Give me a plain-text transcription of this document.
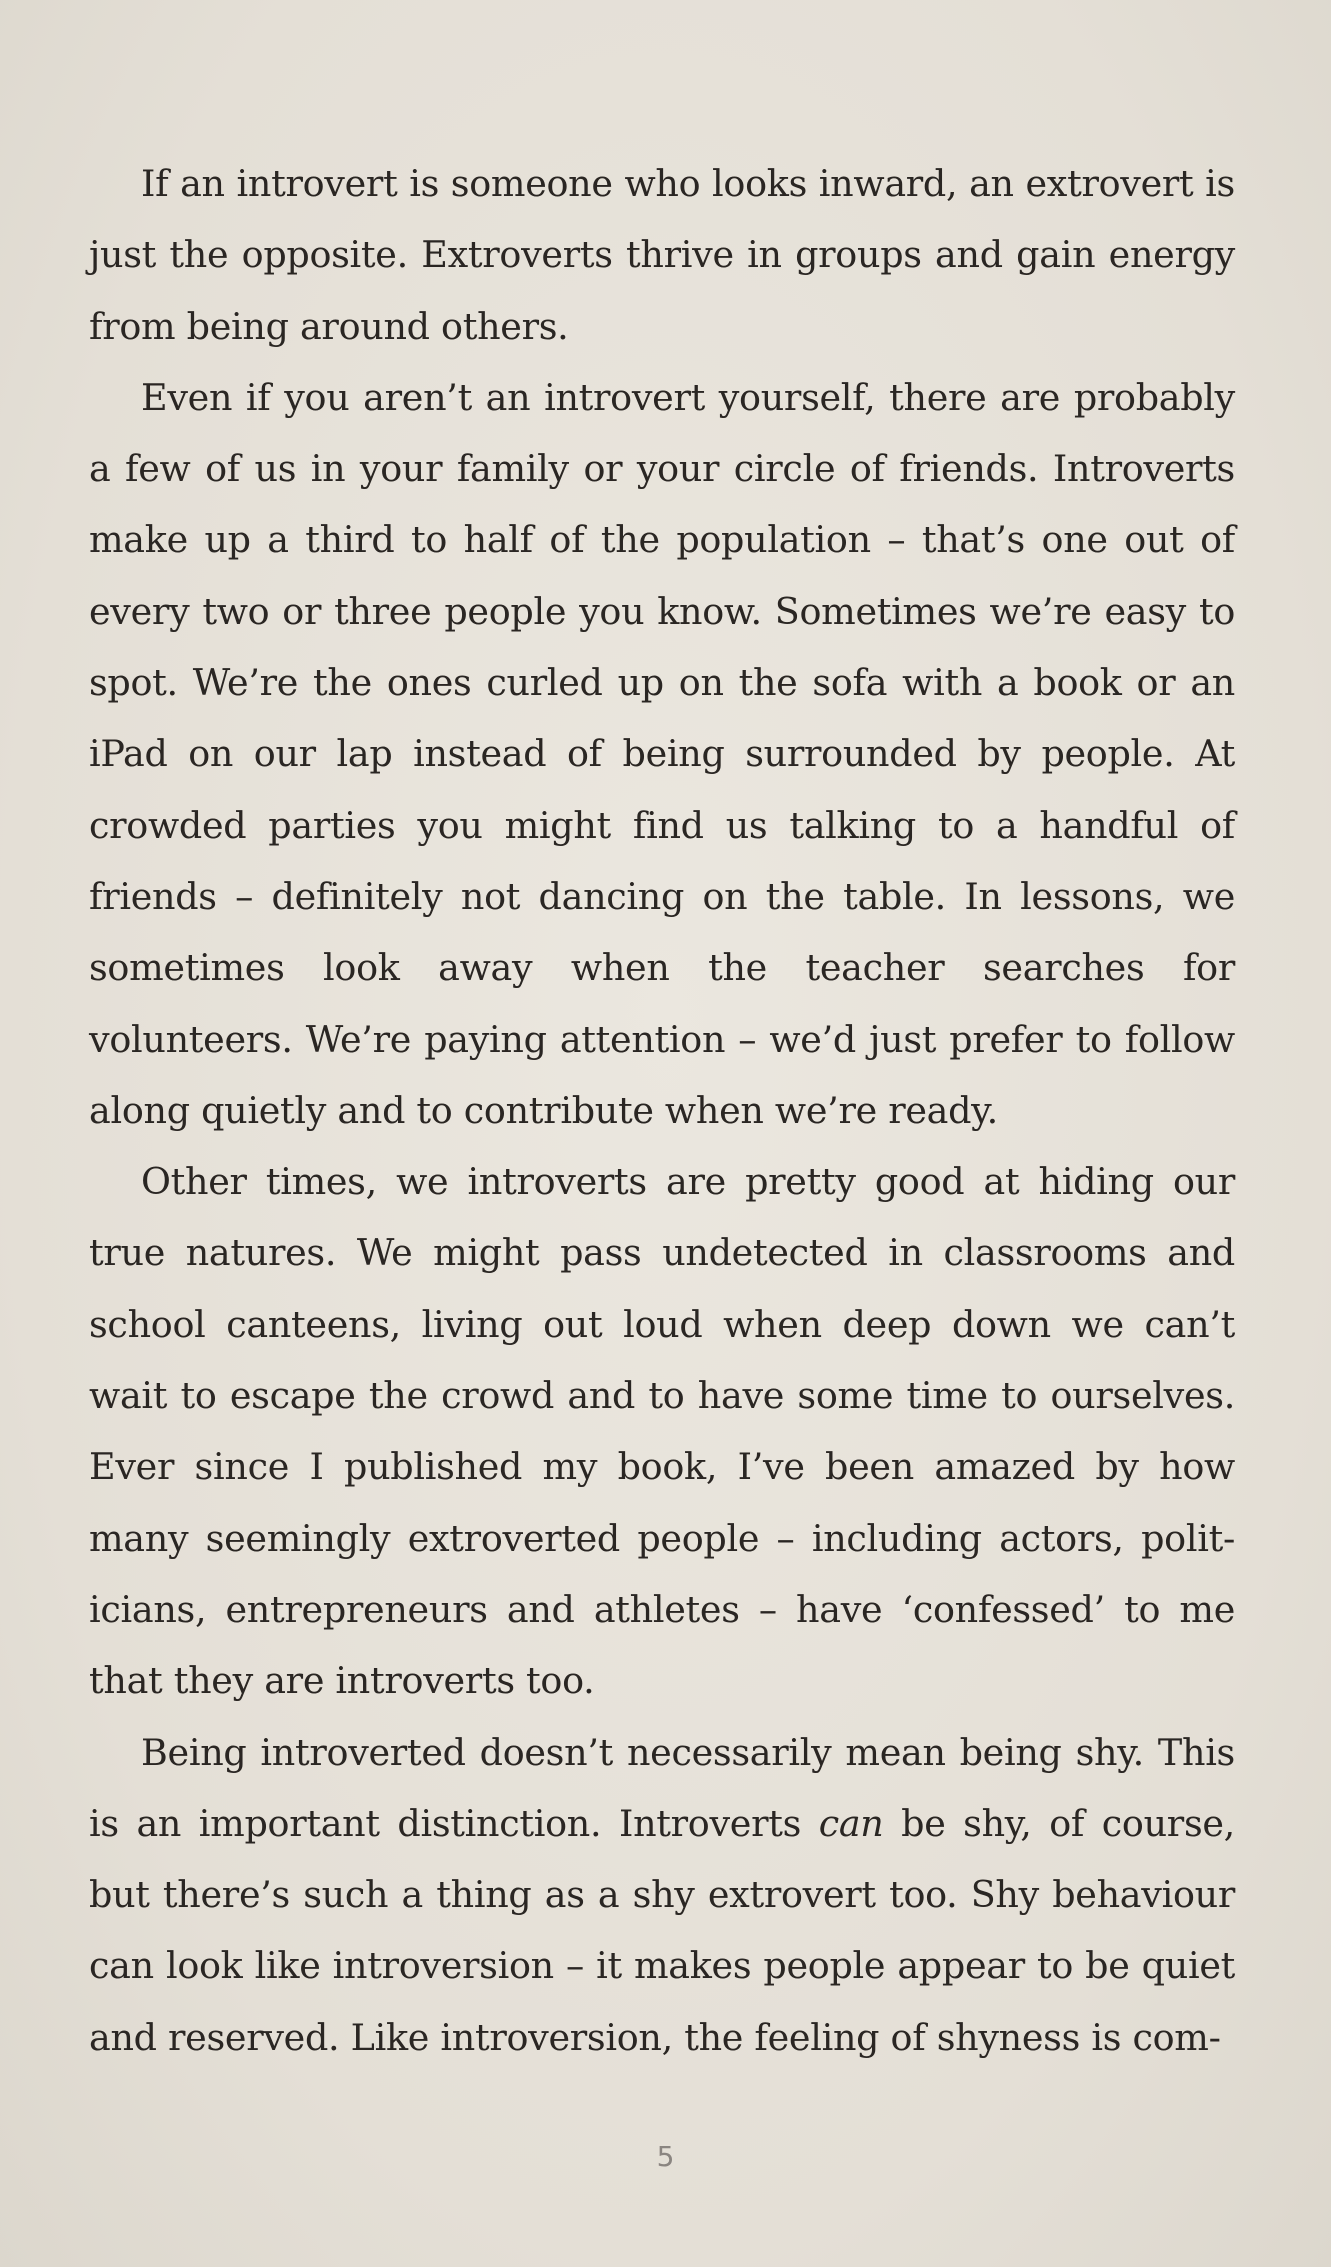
If an introvert is someone who looks inward, an extrovert is just the opposite. Extroverts thrive in groups and gain energy from being around others.

Even if you aren’t an introvert yourself, there are probably a few of us in your family or your circle of friends. Introverts make up a third to half of the population – that’s one out of every two or three people you know. Sometimes we’re easy to spot. We’re the ones curled up on the sofa with a book or an iPad on our lap instead of being surrounded by people. At crowded parties you might find us talking to a handful of friends – definitely not dancing on the table. In lessons, we sometimes look away when the teacher searches for volunteers. We’re paying attention – we’d just prefer to follow along quietly and to contribute when we’re ready.

Other times, we introverts are pretty good at hiding our true natures. We might pass undetected in classrooms and school canteens, living out loud when deep down we can’t wait to escape the crowd and to have some time to ourselves. Ever since I published my book, I’ve been amazed by how many seemingly extroverted people – including actors, polit-icians, entrepreneurs and athletes – have ‘confessed’ to me that they are introverts too.

Being introverted doesn’t necessarily mean being shy. This is an important distinction. Introverts can be shy, of course, but there’s such a thing as a shy extrovert too. Shy behaviour can look like introversion – it makes people appear to be quiet and reserved. Like introversion, the feeling of shyness is com-

5
